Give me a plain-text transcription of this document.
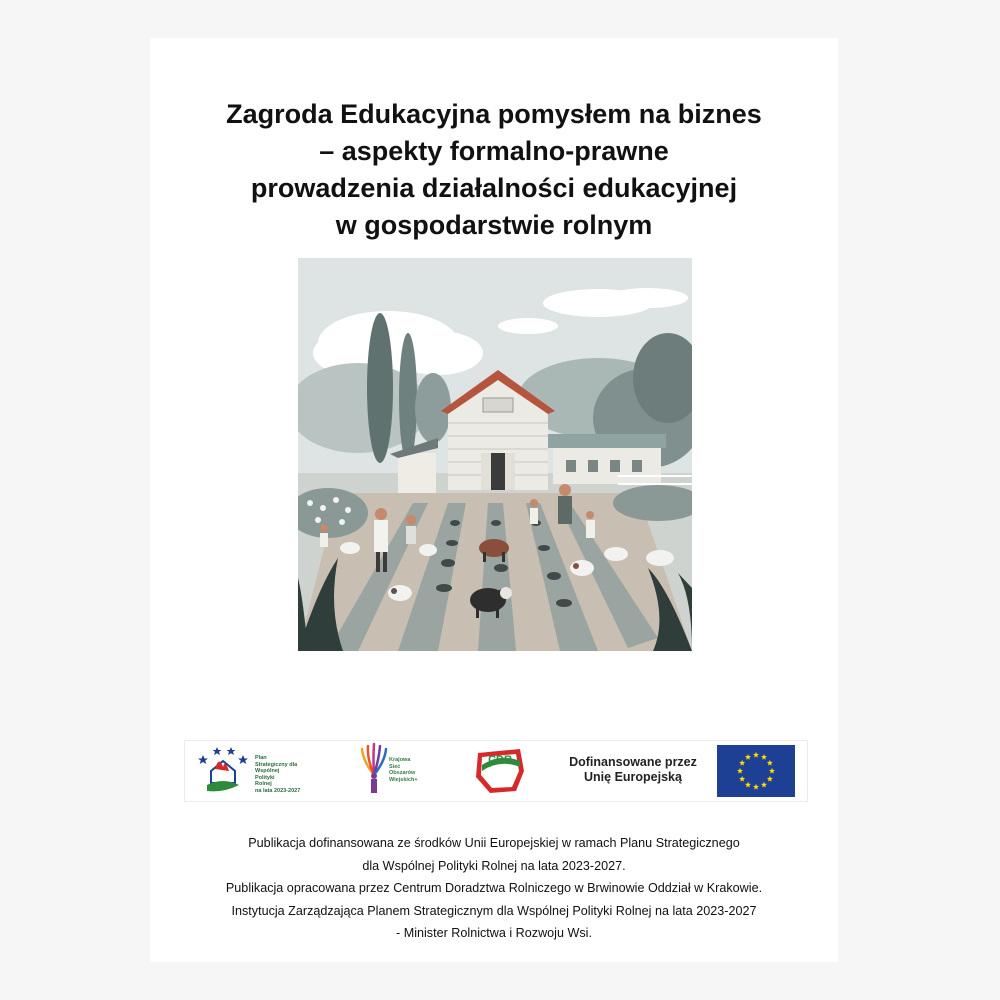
Zagroda Edukacyjna pomysłem na biznes
– aspekty formalno-prawne
prowadzenia działalności edukacyjnej
w gospodarstwie rolnym
Plan
Strategiczny dla
Wspólnej
Polityki
Rolnej
na lata 2023-2027
Krajowa
Sieć
Obszarów
Wiejskich+
CDR	Dofinansowane przez
Unię Europejską
Publikacja dofinansowana ze środków Unii Europejskiej w ramach Planu Strategicznego
dla Wspólnej Polityki Rolnej na lata 2023-2027.
Publikacja opracowana przez Centrum Doradztwa Rolniczego w Brwinowie Oddział w Krakowie.
Instytucja Zarządzająca Planem Strategicznym dla Wspólnej Polityki Rolnej na lata 2023-2027
- Minister Rolnictwa i Rozwoju Wsi.
